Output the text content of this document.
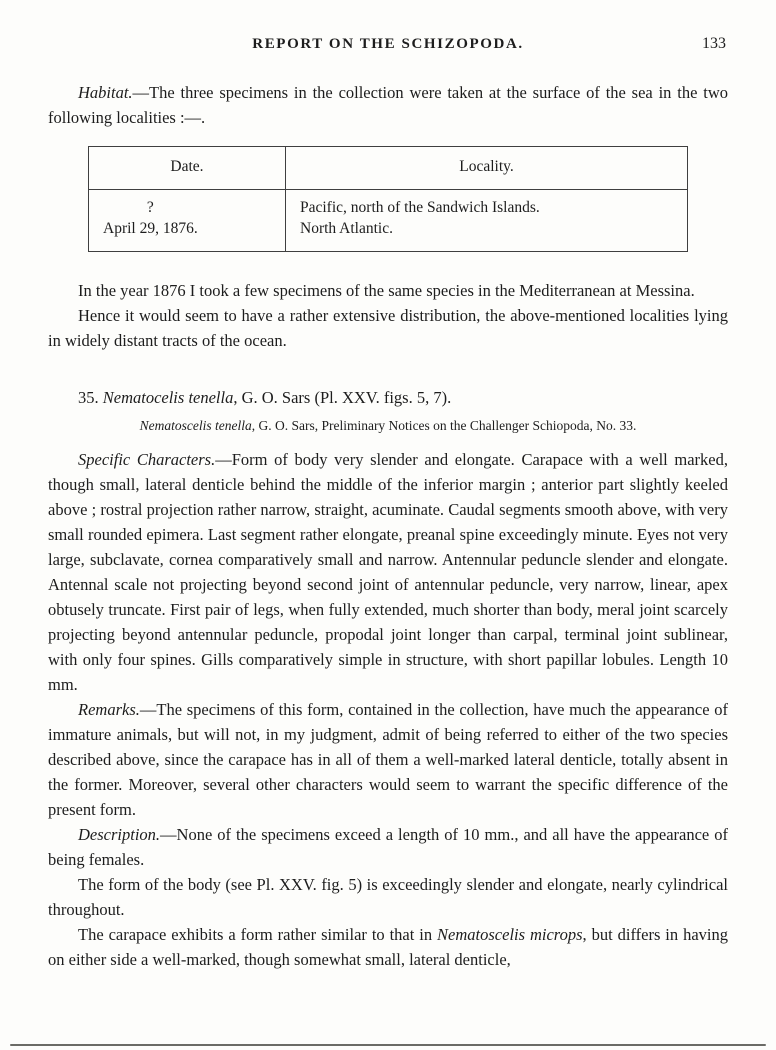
REPORT ON THE SCHIZOPODA.	133

Habitat.—The three specimens in the collection were taken at the surface of the sea in the two following localities :—.

Date.	Locality.
?
April 29, 1876.
Pacific, north of the Sandwich Islands.
North Atlantic.

In the year 1876 I took a few specimens of the same species in the Mediterranean at Messina.

Hence it would seem to have a rather extensive distribution, the above-mentioned localities lying in widely distant tracts of the ocean.

35. Nematocelis tenella, G. O. Sars (Pl. XXV. figs. 5, 7).

Nematoscelis tenella, G. O. Sars, Preliminary Notices on the Challenger Schiopoda, No. 33.

Specific Characters.—Form of body very slender and elongate. Carapace with a well marked, though small, lateral denticle behind the middle of the inferior margin ; anterior part slightly keeled above ; rostral projection rather narrow, straight, acuminate. Caudal segments smooth above, with very small rounded epimera. Last segment rather elongate, preanal spine exceedingly minute. Eyes not very large, subclavate, cornea comparatively small and narrow. Antennular peduncle slender and elongate. Antennal scale not projecting beyond second joint of antennular peduncle, very narrow, linear, apex obtusely truncate. First pair of legs, when fully extended, much shorter than body, meral joint scarcely projecting beyond antennular peduncle, propodal joint longer than carpal, terminal joint sublinear, with only four spines. Gills comparatively simple in structure, with short papillar lobules. Length 10 mm.

Remarks.—The specimens of this form, contained in the collection, have much the appearance of immature animals, but will not, in my judgment, admit of being referred to either of the two species described above, since the carapace has in all of them a well-marked lateral denticle, totally absent in the former. Moreover, several other characters would seem to warrant the specific difference of the present form.

Description.—None of the specimens exceed a length of 10 mm., and all have the appearance of being females.

The form of the body (see Pl. XXV. fig. 5) is exceedingly slender and elongate, nearly cylindrical throughout.

The carapace exhibits a form rather similar to that in Nematoscelis microps, but differs in having on either side a well-marked, though somewhat small, lateral denticle,
